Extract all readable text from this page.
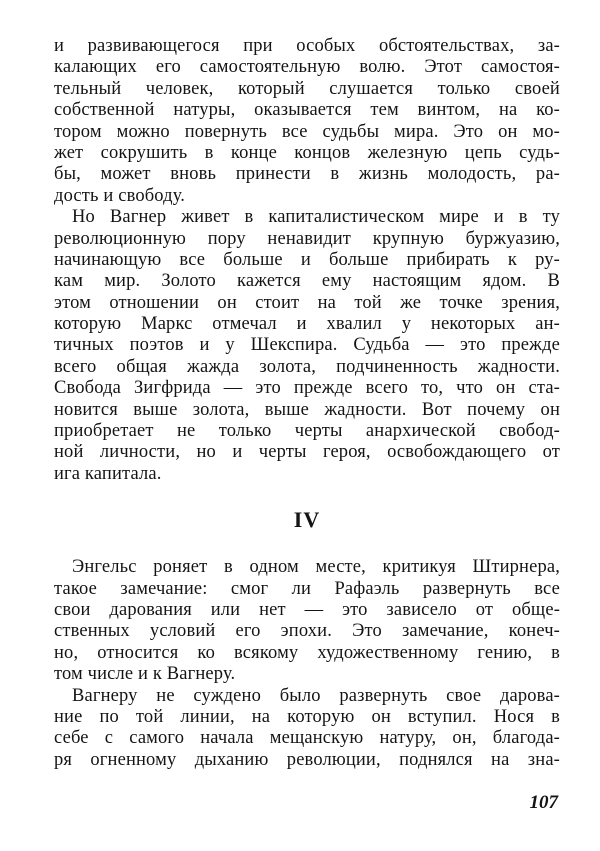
и развивающегося при особых обстоятельствах, за-
калающих его самостоятельную волю. Этот самостоя-
тельный человек, который слушается только своей
собственной натуры, оказывается тем винтом, на ко-
тором можно повернуть все судьбы мира. Это он мо-
жет сокрушить в конце концов железную цепь судь-
бы, может вновь принести в жизнь молодость, ра-
дость и свободу.
Но Вагнер живет в капиталистическом мире и в ту
революционную пору ненавидит крупную буржуазию,
начинающую все больше и больше прибирать к ру-
кам мир. Золото кажется ему настоящим ядом. В
этом отношении он стоит на той же точке зрения,
которую Маркс отмечал и хвалил у некоторых ан-
тичных поэтов и у Шекспира. Судьба — это прежде
всего общая жажда золота, подчиненность жадности.
Свобода Зигфрида — это прежде всего то, что он ста-
новится выше золота, выше жадности. Вот почему он
приобретает не только черты анархической свобод-
ной личности, но и черты героя, освобождающего от
ига капитала.
IV
Энгельс роняет в одном месте, критикуя Штирнера,
такое замечание: смог ли Рафаэль развернуть все
свои дарования или нет — это зависело от обще-
ственных условий его эпохи. Это замечание, конеч-
но, относится ко всякому художественному гению, в
том числе и к Вагнеру.
Вагнеру не суждено было развернуть свое дарова-
ние по той линии, на которую он вступил. Нося в
себе с самого начала мещанскую натуру, он, благода-
ря огненному дыханию революции, поднялся на зна-
107
